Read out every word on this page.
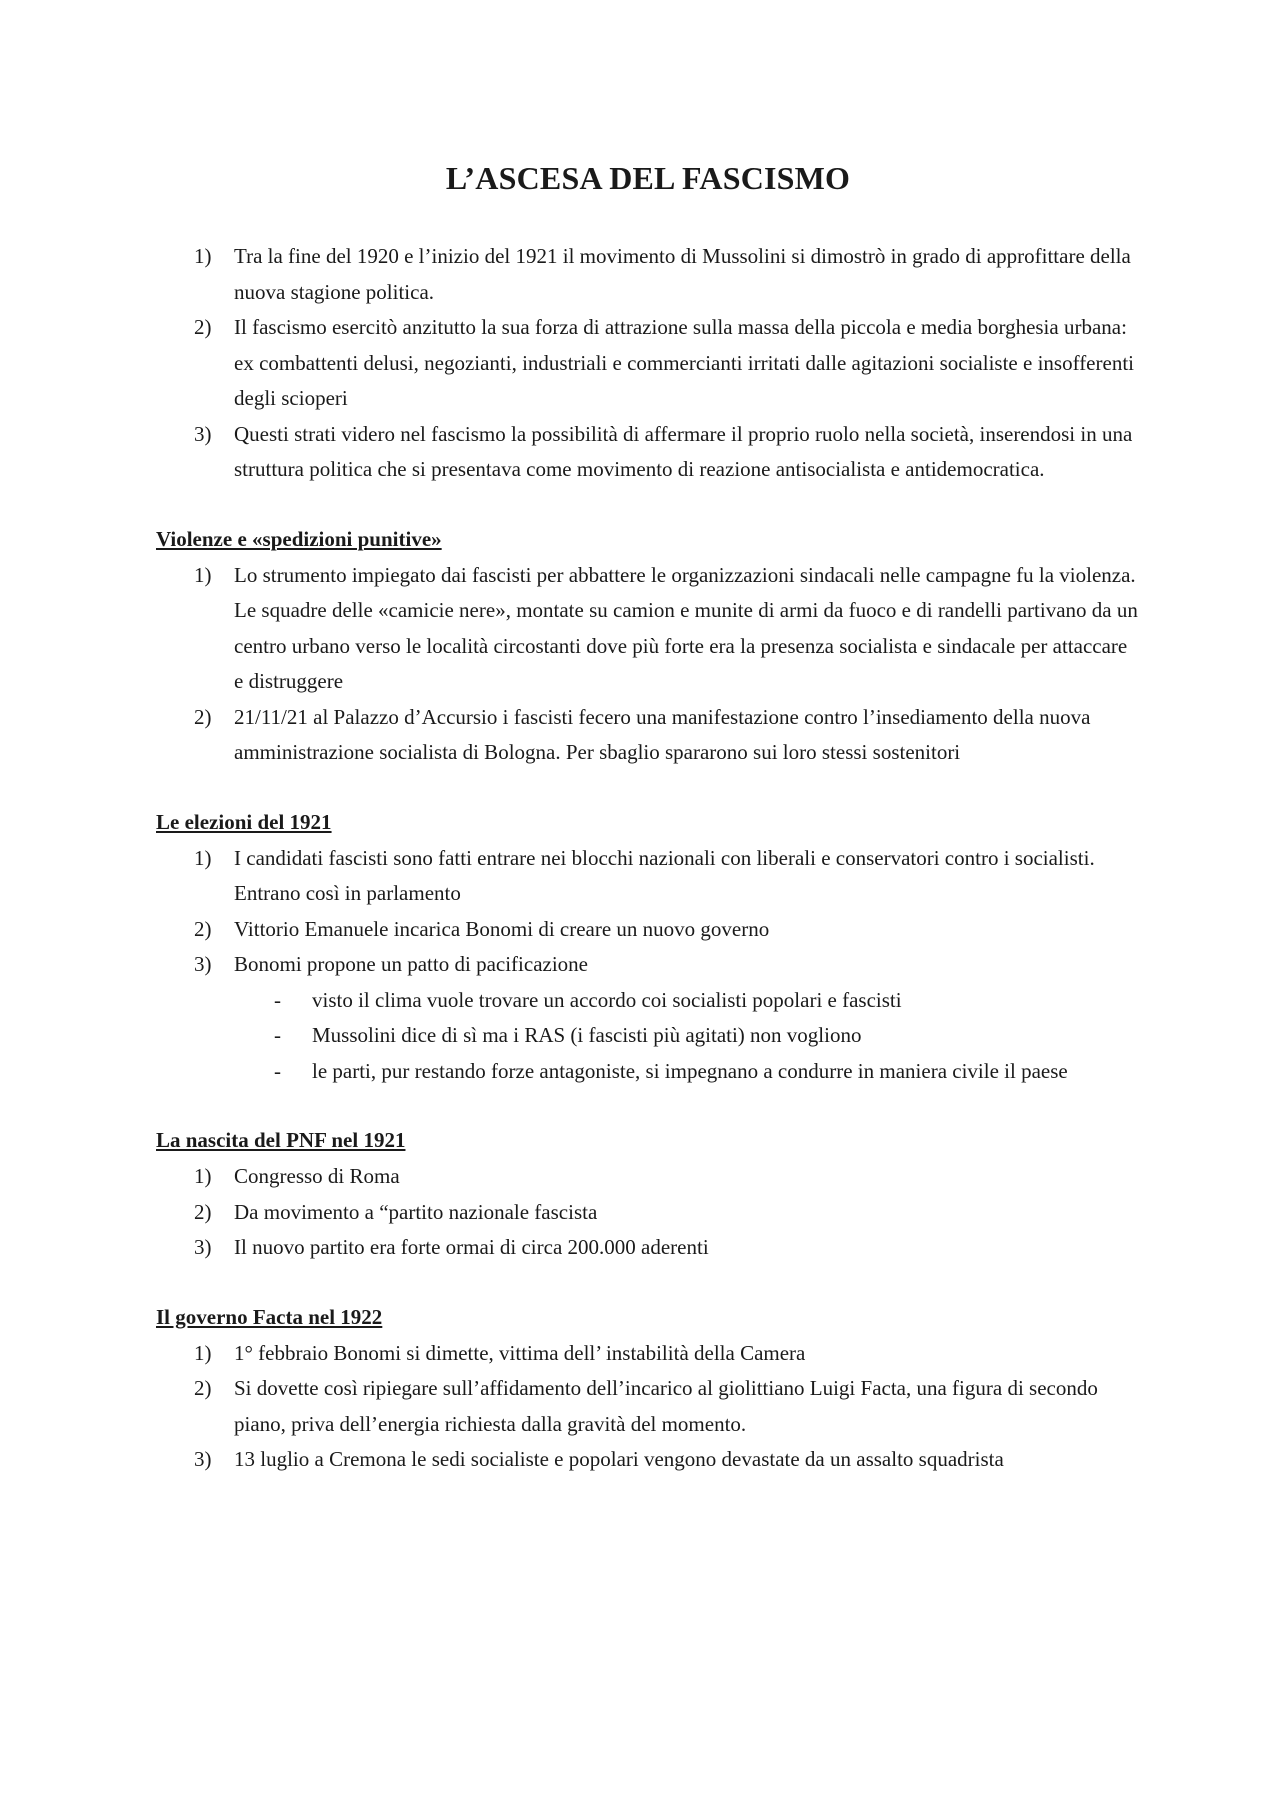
L’ASCESA DEL FASCISMO
1) Tra la fine del 1920 e l’inizio del 1921 il movimento di Mussolini si dimostrò in grado di approfittare della nuova stagione politica.
2) Il fascismo esercitò anzitutto la sua forza di attrazione sulla massa della piccola e media borghesia urbana: ex combattenti delusi, negozianti, industriali e commercianti irritati dalle agitazioni socialiste e insofferenti degli scioperi
3) Questi strati videro nel fascismo la possibilità di affermare il proprio ruolo nella società, inserendosi in una struttura politica che si presentava come movimento di reazione antisocialista e antidemocratica.
Violenze e «spedizioni punitive»
1) Lo strumento impiegato dai fascisti per abbattere le organizzazioni sindacali nelle campagne fu la violenza. Le squadre delle «camicie nere», montate su camion e munite di armi da fuoco e di randelli partivano da un centro urbano verso le località circostanti dove più forte era la presenza socialista e sindacale per attaccare e distruggere
2) 21/11/21 al Palazzo d’Accursio i fascisti fecero una manifestazione contro l’insediamento della nuova amministrazione socialista di Bologna. Per sbaglio spararono sui loro stessi sostenitori
Le elezioni del 1921
1) I candidati fascisti sono fatti entrare nei blocchi nazionali con liberali e conservatori contro i socialisti. Entrano così in parlamento
2) Vittorio Emanuele incarica Bonomi di creare un nuovo governo
3) Bonomi propone un patto di pacificazione
- visto il clima vuole trovare un accordo coi socialisti popolari e fascisti
- Mussolini dice di sì ma i RAS (i fascisti più agitati) non vogliono
- le parti, pur restando forze antagoniste, si impegnano a condurre in maniera civile il paese
La nascita del PNF nel 1921
1) Congresso di Roma
2) Da movimento a “partito nazionale fascista
3) Il nuovo partito era forte ormai di circa 200.000 aderenti
Il governo Facta nel 1922
1) 1° febbraio Bonomi si dimette, vittima dell’ instabilità della Camera
2) Si dovette così ripiegare sull’affidamento dell’incarico al giolittiano Luigi Facta, una figura di secondo piano, priva dell’energia richiesta dalla gravità del momento.
3) 13 luglio a Cremona le sedi socialiste e popolari vengono devastate da un assalto squadrista
